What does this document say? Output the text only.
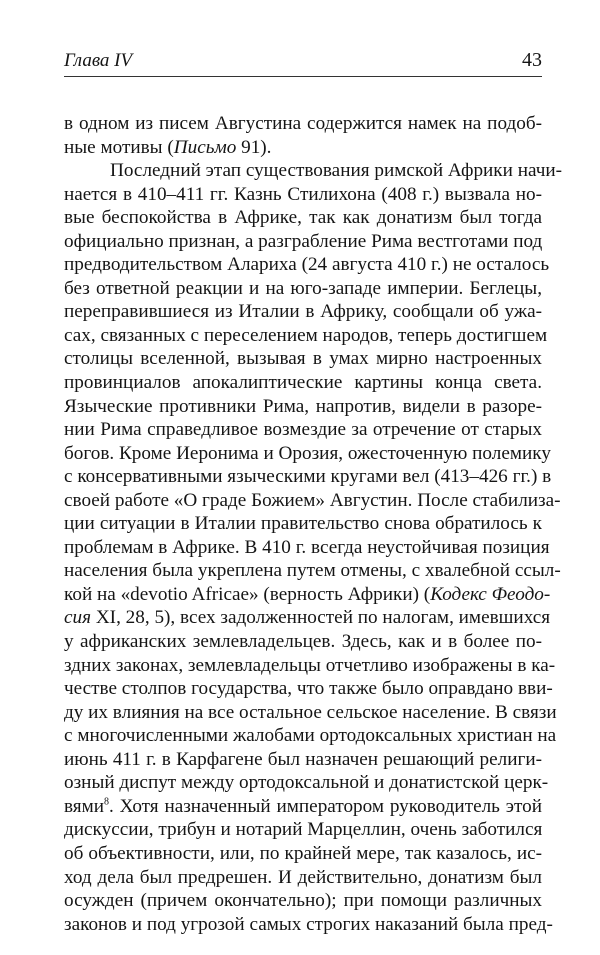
Глава IV	43
в одном из писем Августина содержится намек на подоб-
ные мотивы (Письмо 91).
Последний этап существования римской Африки начи-
нается в 410–411 гг. Казнь Стилихона (408 г.) вызвала но-
вые беспокойства в Африке, так как донатизм был тогда
официально признан, а разграбление Рима вестготами под
предводительством Алариха (24 августа 410 г.) не осталось
без ответной реакции и на юго-западе империи. Беглецы,
переправившиеся из Италии в Африку, сообщали об ужа-
сах, связанных с переселением народов, теперь достигшем
столицы вселенной, вызывая в умах мирно настроенных
провинциалов апокалиптические картины конца света.
Языческие противники Рима, напротив, видели в разоре-
нии Рима справедливое возмездие за отречение от старых
богов. Кроме Иеронима и Орозия, ожесточенную полемику
с консервативными языческими кругами вел (413–426 гг.) в
своей работе «О граде Божием» Августин. После стабилиза-
ции ситуации в Италии правительство снова обратилось к
проблемам в Африке. В 410 г. всегда неустойчивая позиция
населения была укреплена путем отмены, с хвалебной ссыл-
кой на «devotio Africae» (верность Африки) (Кодекс Феодо-
сия XI, 28, 5), всех задолженностей по налогам, имевшихся
у африканских землевладельцев. Здесь, как и в более по-
здних законах, землевладельцы отчетливо изображены в ка-
честве столпов государства, что также было оправдано вви-
ду их влияния на все остальное сельское население. В связи
с многочисленными жалобами ортодоксальных христиан на
июнь 411 г. в Карфагене был назначен решающий религи-
озный диспут между ортодоксальной и донатистской церк-
вями$^8$. Хотя назначенный императором руководитель этой
дискуссии, трибун и нотарий Марцеллин, очень заботился
об объективности, или, по крайней мере, так казалось, ис-
ход дела был предрешен. И действительно, донатизм был
осужден (причем окончательно); при помощи различных
законов и под угрозой самых строгих наказаний была пред-
